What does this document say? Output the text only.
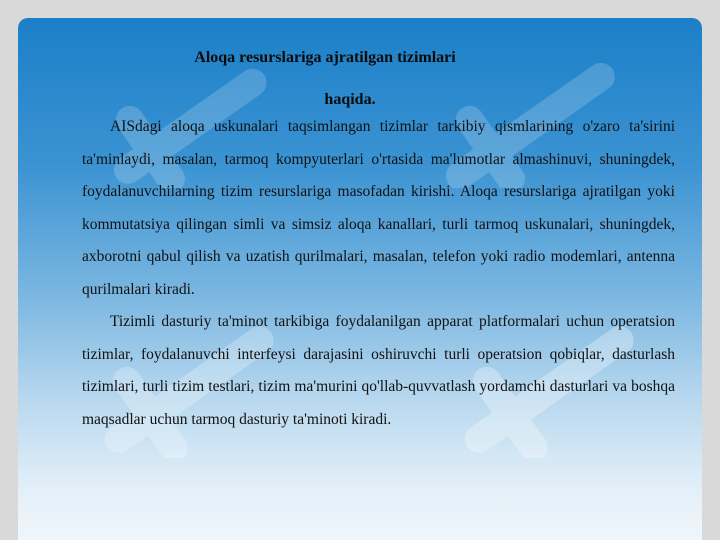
Aloqa resurslariga ajratilgan tizimlari
haqida.

AISdagi aloqa uskunalari taqsimlangan tizimlar tarkibiy qismlarining o'zaro ta'sirini ta'minlaydi, masalan, tarmoq kompyuterlari o'rtasida ma'lumotlar almashinuvi, shuningdek, foydalanuvchilarning tizim resurslariga masofadan kirishi. Aloqa resurslariga ajratilgan yoki kommutatsiya qilingan simli va simsiz aloqa kanallari, turli tarmoq uskunalari, shuningdek, axborotni qabul qilish va uzatish qurilmalari, masalan, telefon yoki radio modemlari, antenna qurilmalari kiradi.

Tizimli dasturiy ta'minot tarkibiga foydalanilgan apparat platformalari uchun operatsion tizimlar, foydalanuvchi interfeysi darajasini oshiruvchi turli operatsion qobiqlar, dasturlash tizimlari, turli tizim testlari, tizim ma'murini qo'llab-quvvatlash yordamchi dasturlari va boshqa maqsadlar uchun tarmoq dasturiy ta'minoti kiradi.
